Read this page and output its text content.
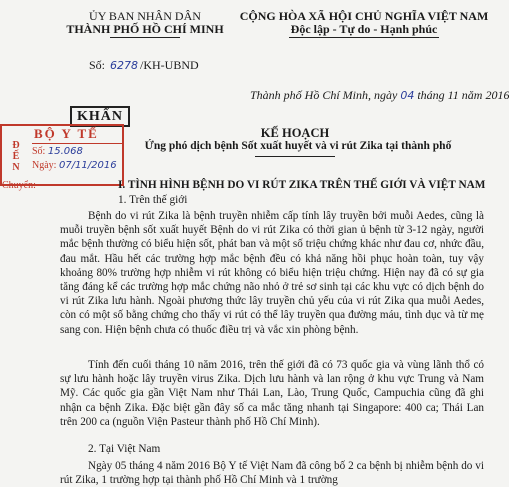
ỦY BAN NHÂN DÂN
THÀNH PHỐ HỒ CHÍ MINH
CỘNG HÒA XÃ HỘI CHỦ NGHĨA VIỆT NAM
Độc lập - Tự do - Hạnh phúc
Số: 6278 /KH-UBND
Thành phố Hồ Chí Minh, ngày 04 tháng 11 năm 2016
KHẨN
BỘ Y TẾ
Đ
Ế
N
Số: 15.068
Ngày: 07/11/2016
Chuyển:
KẾ HOẠCH
Ứng phó dịch bệnh Sốt xuất huyết và vi rút Zika tại thành phố
I. TÌNH HÌNH BỆNH DO VI RÚT ZIKA TRÊN THẾ GIỚI VÀ VIỆT NAM
1. Trên thế giới
Bệnh do vi rút Zika là bệnh truyền nhiễm cấp tính lây truyền bởi muỗi Aedes, cũng là muỗi truyền bệnh sốt xuất huyết Bệnh do vi rút Zika có thời gian ủ bệnh từ 3-12 ngày, người mắc bệnh thường có biểu hiện sốt, phát ban và một số triệu chứng khác như đau cơ, nhức đầu, đau mắt. Hầu hết các trường hợp mắc bệnh đều có khả năng hồi phục hoàn toàn, tuy vậy khoảng 80% trường hợp nhiễm vi rút không có biểu hiện triệu chứng. Hiện nay đã có sự gia tăng đáng kể các trường hợp mắc chứng não nhỏ ở trẻ sơ sinh tại các khu vực có dịch bệnh do vi rút Zika lưu hành. Ngoài phương thức lây truyền chủ yếu của vi rút Zika qua muỗi Aedes, còn có một số bằng chứng cho thấy vi rút có thể lây truyền qua đường máu, tình dục và từ mẹ sang con. Hiện bệnh chưa có thuốc điều trị và vắc xin phòng bệnh.
Tính đến cuối tháng 10 năm 2016, trên thế giới đã có 73 quốc gia và vùng lãnh thổ có sự lưu hành hoặc lây truyền virus Zika. Dịch lưu hành và lan rộng ở khu vực Trung và Nam Mỹ. Các quốc gia gần Việt Nam như Thái Lan, Lào, Trung Quốc, Campuchia cũng đã ghi nhận ca bệnh Zika. Đặc biệt gần đây số ca mắc tăng nhanh tại Singapore: 400 ca; Thái Lan trên 200 ca (nguồn Viện Pasteur thành phố Hồ Chí Minh).
2. Tại Việt Nam
Ngày 05 tháng 4 năm 2016 Bộ Y tế Việt Nam đã công bố 2 ca bệnh bị nhiễm bệnh do vi rút Zika, 1 trường hợp tại thành phố Hồ Chí Minh và 1 trường
